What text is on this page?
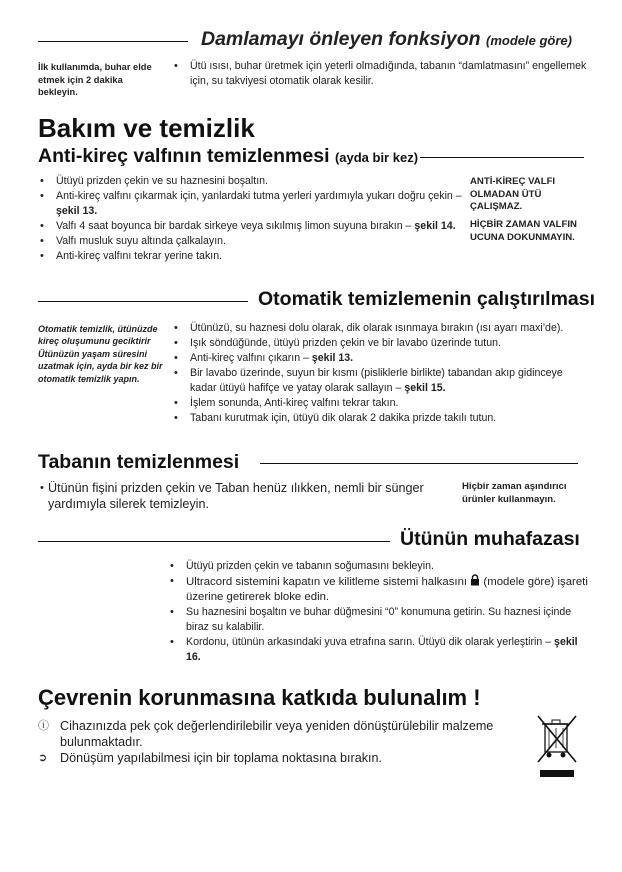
Damlamayı önleyen fonksiyon (modele göre)
İlk kullanımda, buhar elde etmek için 2 dakika bekleyin.
• Ütü ısısı, buhar üretmek için yeterli olmadığında, tabanın “damlatmasını” engellemek için, su takviyesi otomatik olarak kesilir.
Bakım ve temizlik
Anti-kireç valfının temizlenmesi (ayda bir kez)
• Ütüyü prizden çekin ve su haznesini boşaltın.
• Anti-kireç valfını çıkarmak için, yanlardaki tutma yerleri yardımıyla yukarı doğru çekin – şekil 13.
• Valfı 4 saat boyunca bir bardak sirkeye veya sıkılmış limon suyuna bırakın – şekil 14.
• Valfı musluk suyu altında çalkalayın.
• Anti-kireç valfını tekrar yerine takın.
ANTİ-KİREÇ VALFI OLMADAN ÜTÜ ÇALIŞMAZ.
HİÇBİR ZAMAN VALFIN UCUNA DOKUNMAYIN.
Otomatik temizlemenin çalıştırılması
Otomatik temizlik, ütünüzde kireç oluşumunu geciktirir Ütünüzün yaşam süresini uzatmak için, ayda bir kez bir otomatik temizlik yapın.
• Ütünüzü, su haznesi dolu olarak, dik olarak ısınmaya bırakın (ısı ayarı maxi’de).
• Işık söndüğünde, ütüyü prizden çekin ve bir lavabo üzerinde tutun.
• Anti-kireç valfını çıkarın – şekil 13.
• Bir lavabo üzerinde, suyun bir kısmı (pisliklerle birlikte) tabandan akıp gidinceye kadar ütüyü hafifçe ve yatay olarak sallayın – şekil 15.
• İşlem sonunda, Anti-kireç valfını tekrar takın.
• Tabanı kurutmak için, ütüyü dik olarak 2 dakika prizde takılı tutun.
Tabanın temizlenmesi
• Ütünün fişini prizden çekin ve Taban henüz ılıkken, nemli bir sünger yardımıyla silerek temizleyin.
Hiçbir zaman aşındırıcı ürünler kullanmayın.
Ütünün muhafazası
• Ütüyü prizden çekin ve tabanın soğumasını bekleyin.
• Ultracord sistemini kapatın ve kilitleme sistemi halkasını (modele göre) işareti üzerine getirerek bloke edin.
• Su haznesini boşaltın ve buhar düğmesini “0” konumuna getirin. Su haznesi içinde biraz su kalabilir.
• Kordonu, ütünün arkasındaki yuva etrafına sarın. Ütüyü dik olarak yerleştirin – şekil 16.
Çevrenin korunmasına katkıda bulunalım !
ⓘ Cihazınızda pek çok değerlendirilebilir veya yeniden dönüştürülebilir malzeme bulunmaktadır.
➲ Dönüşüm yapılabilmesi için bir toplama noktasına bırakın.
